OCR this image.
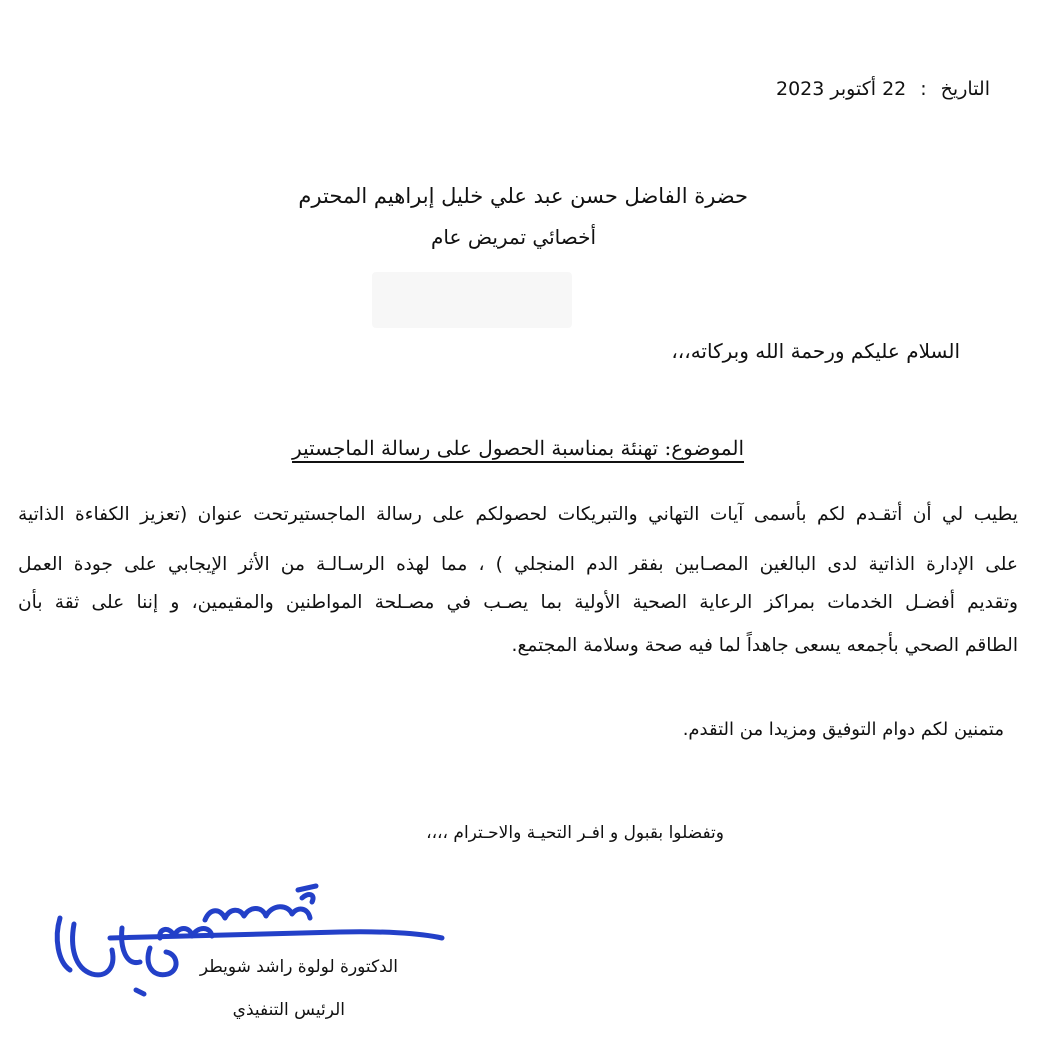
التاريخ:22 أكتوبر 2023
حضرة الفاضل حسن عبد علي خليل إبراهيم المحترم
أخصائي تمريض عام
السلام عليكم ورحمة الله وبركاته،،،
الموضوع: تهنئة بمناسبة الحصول على رسالة الماجستير
يطيب لي أن أتقـدم لكم بأسمى آيات التهاني والتبريكات لحصولكم على رسالة الماجستيرتحت عنوان (تعزيز الكفاءة الذاتية
على الإدارة الذاتية لدى البالغين المصـابين بفقر الدم المنجلي ) ، مما لهذه الرسـالـة من الأثر الإيجابي على جودة العمل
وتقديم أفضـل الخدمات بمراكز الرعاية الصحية الأولية بما يصـب في مصـلحة المواطنين والمقيمين، و إننا على ثقة بأن
الطاقم الصحي بأجمعه يسعى جاهداً لما فيه صحة وسلامة المجتمع.
متمنين لكم دوام التوفيق ومزيدا من التقدم.
وتفضلوا بقبول و افـر التحيـة والاحـترام ،،،،
الدكتورة لولوة راشد شويطر
الرئيس التنفيذي
